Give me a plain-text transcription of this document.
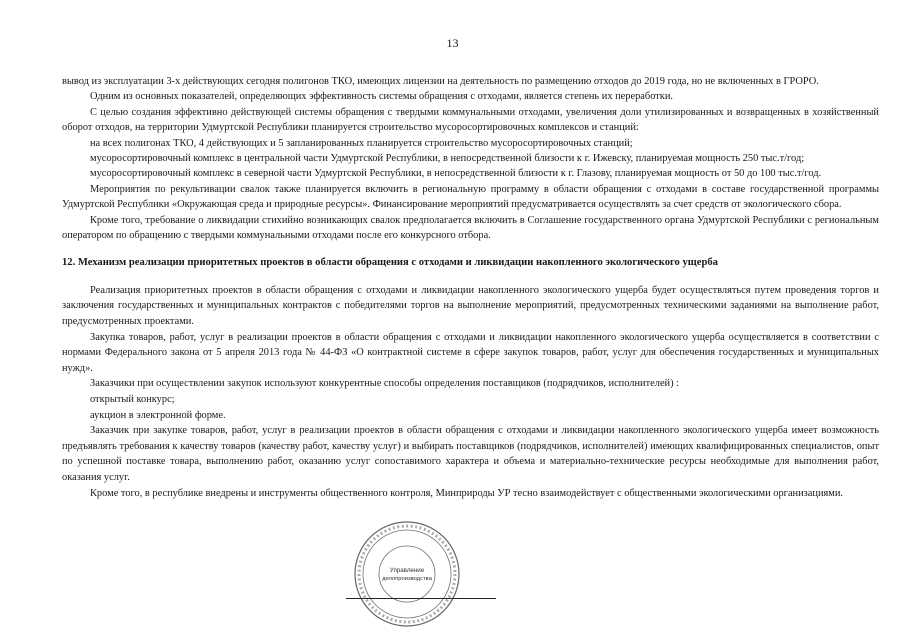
13

вывод из эксплуатации 3-х действующих сегодня полигонов ТКО, имеющих лицензии на деятельность по размещению отходов до 2019 года, но не включенных в ГРОРО.

Одним из основных показателей, определяющих эффективность системы обращения с отходами, является степень их переработки.

С целью создания эффективно действующей системы обращения с твердыми коммунальными отходами, увеличения доли утилизированных и возвращенных в хозяйственный оборот отходов, на территории Удмуртской Республики планируется строительство мусоросортировочных комплексов и станций:

на всех полигонах ТКО, 4 действующих и 5 запланированных планируется строительство мусоросортировочных станций;

мусоросортировочный комплекс в центральной части Удмуртской Республики, в непосредственной близости к г. Ижевску, планируемая мощность 250 тыс.т/год;

мусоросортировочный комплекс в северной части Удмуртской Республики, в непосредственной близости к г. Глазову, планируемая мощность от 50 до 100 тыс.т/год.

Мероприятия по рекультивации свалок также планируется включить в региональную программу в области обращения с отходами в составе государственной программы Удмуртской Республики «Окружающая среда и природные ресурсы». Финансирование мероприятий предусматривается осуществлять за счет средств от экологического сбора.

Кроме того, требование о ликвидации стихийно возникающих свалок предполагается включить в Соглашение государственного органа Удмуртской Республики с региональным оператором по обращению с твердыми коммунальными отходами после его конкурсного отбора.

12. Механизм реализации приоритетных проектов в области обращения с отходами и ликвидации накопленного экологического ущерба

Реализация приоритетных проектов в области обращения с отходами и ликвидации накопленного экологического ущерба будет осуществляться путем проведения торгов и заключения государственных и муниципальных контрактов с победителями торгов на выполнение мероприятий, предусмотренных техническими заданиями на выполнение работ, предусмотренных проектами.

Закупка товаров, работ, услуг в реализации проектов в области обращения с отходами и ликвидации накопленного экологического ущерба осуществляется в соответствии с нормами Федерального закона от 5 апреля 2013 года № 44-ФЗ «О контрактной системе в сфере закупок товаров, работ, услуг для обеспечения государственных и муниципальных нужд».

Заказчики при осуществлении закупок используют конкурентные способы определения поставщиков (подрядчиков, исполнителей) :

открытый конкурс;

аукцион в электронной форме.

Заказчик при закупке товаров, работ, услуг в реализации проектов в области обращения с отходами и ликвидации накопленного экологического ущерба имеет возможность предъявлять требования к качеству товаров (качеству работ, качеству услуг) и выбирать поставщиков (подрядчиков, исполнителей) имеющих квалифицированных специалистов, опыт по успешной поставке товара, выполнению работ, оказанию услуг сопоставимого характера и объема и материально-технические ресурсы необходимые для выполнения работ, оказания услуг.

Кроме того, в республике внедрены и инструменты общественного контроля, Минприроды УР тесно взаимодействует с общественными экологическими организациями.

Управление
делопроизводства
